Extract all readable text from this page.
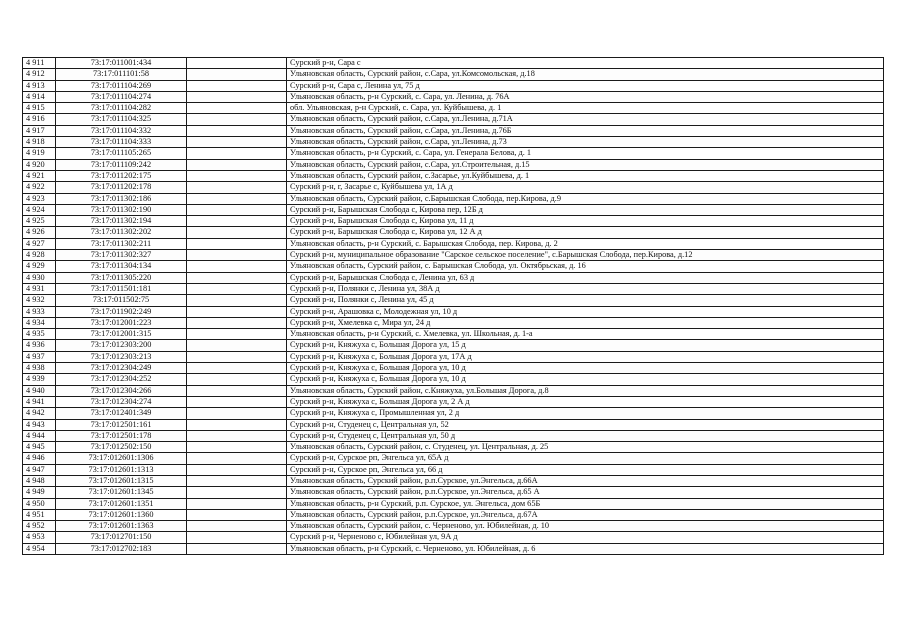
4 911	73:17:011001:434		Сурский р-н, Сара с
4 912	73:17:011101:58		Ульяновская область, Сурский район, с.Сара, ул.Комсомольская, д.18
4 913	73:17:011104:269		Сурский р-н, Сара с, Ленина ул, 75 д
4 914	73:17:011104:274		Ульяновская область, р-н Сурский, с. Сара, ул. Ленина, д. 76А
4 915	73:17:011104:282		обл. Ульяновская, р-н Сурский, с. Сара, ул. Куйбышева, д. 1
4 916	73:17:011104:325		Ульяновская область, Сурский район, с.Сара, ул.Ленина, д.71А
4 917	73:17:011104:332		Ульяновская область, Сурский район, с.Сара, ул.Ленина, д.76Б
4 918	73:17:011104:333		Ульяновская область, Сурский район, с.Сара, ул.Ленина, д.73
4 919	73:17:011105:265		Ульяновская область, р-н Сурский, с. Сара, ул. Генерала Белова, д. 1
4 920	73:17:011109:242		Ульяновская область, Сурский район, с.Сара, ул.Строительная, д.15
4 921	73:17:011202:175		Ульяновская область, Сурский район, с.Засарье, ул.Куйбышева, д. 1
4 922	73:17:011202:178		Сурский р-н, г, Засарье с, Куйбышева ул, 1А д
4 923	73:17:011302:186		Ульяновская область, Сурский район, с.Барышская Слобода, пер.Кирова, д.9
4 924	73:17:011302:190		Сурский р-н, Барышская Слобода с, Кирова пер, 12Б д
4 925	73:17:011302:194		Сурский р-н, Барышская Слобода с, Кирова ул, 11 д
4 926	73:17:011302:202		Сурский р-н, Барышская Слобода с, Кирова ул, 12 А д
4 927	73:17:011302:211		Ульяновская область, р-н Сурский, с. Барышская Слобода, пер. Кирова, д. 2
4 928	73:17:011302:327		Сурский р-н, муниципальное образование "Сарское сельское поселение", с.Барышская Слобода, пер.Кирова, д.12
4 929	73:17:011304:134		Ульяновская область, Сурский район, с. Барышская Слобода, ул. Октябрьская, д. 16
4 930	73:17:011305:220		Сурский р-н, Барышская Слобода с, Ленина ул, 63 д
4 931	73:17:011501:181		Сурский р-н, Полянки с, Ленина ул, 38А д
4 932	73:17:011502:75		Сурский р-н, Полянки с, Ленина ул, 45 д
4 933	73:17:011902:249		Сурский р-н, Арашовка с, Молодежная ул, 10 д
4 934	73:17:012001:223		Сурский р-н, Хмелевка с, Мира ул, 24 д
4 935	73:17:012001:315		Ульяновская область, р-н Сурский, с. Хмелевка, ул. Школьная, д. 1-а
4 936	73:17:012303:200		Сурский р-н, Княжуха с, Большая Дорога ул, 15 д
4 937	73:17:012303:213		Сурский р-н, Княжуха с, Большая Дорога ул, 17А д
4 938	73:17:012304:249		Сурский р-н, Княжуха с, Большая Дорога ул, 10 д
4 939	73:17:012304:252		Сурский р-н, Княжуха с, Большая Дорога ул, 10 д
4 940	73:17:012304:266		Ульяновская область, Сурский район, с.Княжуха, ул.Большая Дорога, д.8
4 941	73:17:012304:274		Сурский р-н, Княжуха с, Большая Дорога ул, 2 А д
4 942	73:17:012401:349		Сурский р-н, Княжуха с, Промышленная ул, 2 д
4 943	73:17:012501:161		Сурский р-н, Студенец с, Центральная ул, 52
4 944	73:17:012501:178		Сурский р-н, Студенец с, Центральная ул, 50 д
4 945	73:17:012502:150		Ульяновская область, Сурский район, с. Студенец, ул. Центральная, д. 25
4 946	73:17:012601:1306		Сурский р-н, Сурское рп, Энгельса ул, 65А д
4 947	73:17:012601:1313		Сурский р-н, Сурское рп, Энгельса ул, 66 д
4 948	73:17:012601:1315		Ульяновская область, Сурский район, р.п.Сурское, ул.Энгельса, д.66А
4 949	73:17:012601:1345		Ульяновская область, Сурский район, р.п.Сурское, ул.Энгельса, д.65 А
4 950	73:17:012601:1351		Ульяновская область, р-н Сурский, р.п. Сурское, ул. Энгельса, дом 65Б
4 951	73:17:012601:1360		Ульяновская область, Сурский район, р.п.Сурское, ул.Энгельса, д.67А
4 952	73:17:012601:1363		Ульяновская область, Сурский район, с. Черненово, ул. Юбилейная, д. 10
4 953	73:17:012701:150		Сурский р-н, Черненово с, Юбилейная ул, 9А д
4 954	73:17:012702:183		Ульяновская область, р-н Сурский, с. Черненово, ул. Юбилейная, д. 6
